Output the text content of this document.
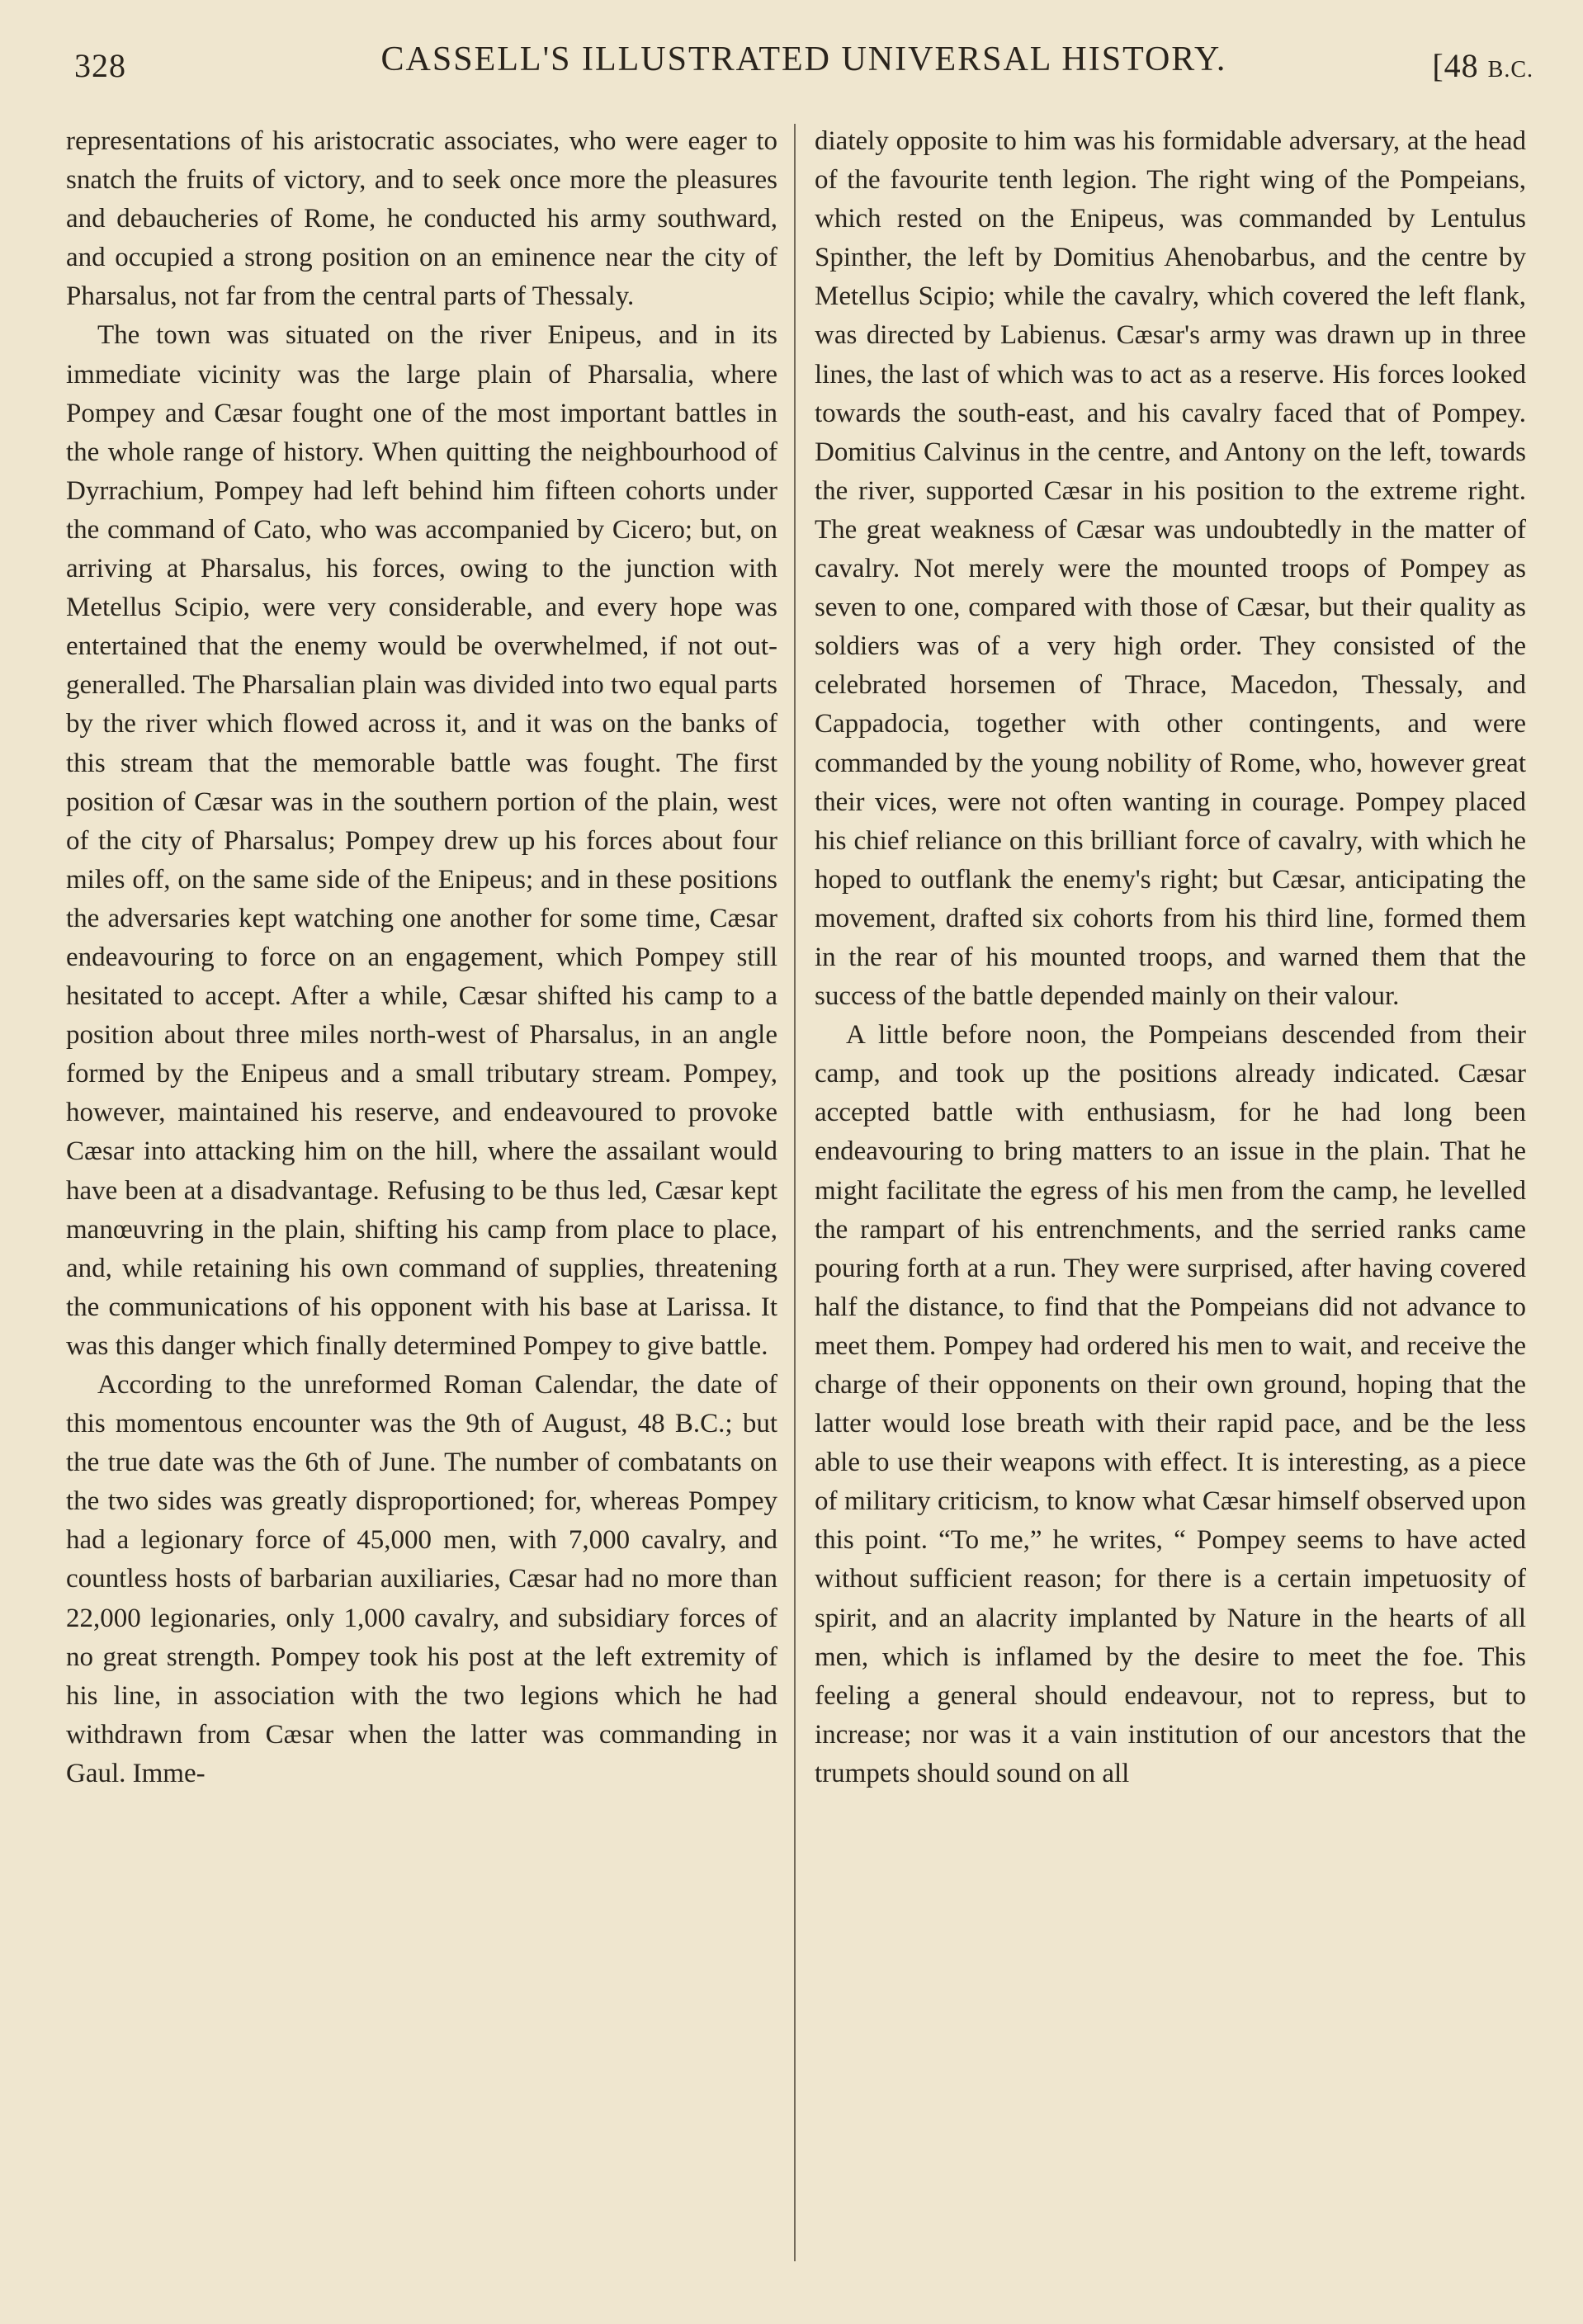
328	CASSELL'S ILLUSTRATED UNIVERSAL HISTORY.	[48 B.C.

representations of his aristocratic associates, who were eager to snatch the fruits of victory, and to seek once more the pleasures and debaucheries of Rome, he conducted his army southward, and occupied a strong position on an eminence near the city of Pharsalus, not far from the central parts of Thessaly.

The town was situated on the river Enipeus, and in its immediate vicinity was the large plain of Pharsalia, where Pompey and Cæsar fought one of the most important battles in the whole range of history. When quitting the neighbourhood of Dyrrachium, Pompey had left behind him fifteen cohorts under the command of Cato, who was accompanied by Cicero; but, on arriving at Pharsalus, his forces, owing to the junction with Metellus Scipio, were very considerable, and every hope was entertained that the enemy would be overwhelmed, if not out-generalled. The Pharsalian plain was divided into two equal parts by the river which flowed across it, and it was on the banks of this stream that the memorable battle was fought. The first position of Cæsar was in the southern portion of the plain, west of the city of Pharsalus; Pompey drew up his forces about four miles off, on the same side of the Enipeus; and in these positions the adversaries kept watching one another for some time, Cæsar endeavouring to force on an engagement, which Pompey still hesitated to accept. After a while, Cæsar shifted his camp to a position about three miles north-west of Pharsalus, in an angle formed by the Enipeus and a small tributary stream. Pompey, however, maintained his reserve, and endeavoured to provoke Cæsar into attacking him on the hill, where the assailant would have been at a disadvantage. Refusing to be thus led, Cæsar kept manœuvring in the plain, shifting his camp from place to place, and, while retaining his own command of supplies, threatening the communications of his opponent with his base at Larissa. It was this danger which finally determined Pompey to give battle.

According to the unreformed Roman Calendar, the date of this momentous encounter was the 9th of August, 48 B.C.; but the true date was the 6th of June. The number of combatants on the two sides was greatly disproportioned; for, whereas Pompey had a legionary force of 45,000 men, with 7,000 cavalry, and countless hosts of barbarian auxiliaries, Cæsar had no more than 22,000 legionaries, only 1,000 cavalry, and subsidiary forces of no great strength. Pompey took his post at the left extremity of his line, in association with the two legions which he had withdrawn from Cæsar when the latter was commanding in Gaul. Imme-

diately opposite to him was his formidable adversary, at the head of the favourite tenth legion. The right wing of the Pompeians, which rested on the Enipeus, was commanded by Lentulus Spinther, the left by Domitius Ahenobarbus, and the centre by Metellus Scipio; while the cavalry, which covered the left flank, was directed by Labienus. Cæsar's army was drawn up in three lines, the last of which was to act as a reserve. His forces looked towards the south-east, and his cavalry faced that of Pompey. Domitius Calvinus in the centre, and Antony on the left, towards the river, supported Cæsar in his position to the extreme right. The great weakness of Cæsar was undoubtedly in the matter of cavalry. Not merely were the mounted troops of Pompey as seven to one, compared with those of Cæsar, but their quality as soldiers was of a very high order. They consisted of the celebrated horsemen of Thrace, Macedon, Thessaly, and Cappadocia, together with other contingents, and were commanded by the young nobility of Rome, who, however great their vices, were not often wanting in courage. Pompey placed his chief reliance on this brilliant force of cavalry, with which he hoped to outflank the enemy's right; but Cæsar, anticipating the movement, drafted six cohorts from his third line, formed them in the rear of his mounted troops, and warned them that the success of the battle depended mainly on their valour.

A little before noon, the Pompeians descended from their camp, and took up the positions already indicated. Cæsar accepted battle with enthusiasm, for he had long been endeavouring to bring matters to an issue in the plain. That he might facilitate the egress of his men from the camp, he levelled the rampart of his entrenchments, and the serried ranks came pouring forth at a run. They were surprised, after having covered half the distance, to find that the Pompeians did not advance to meet them. Pompey had ordered his men to wait, and receive the charge of their opponents on their own ground, hoping that the latter would lose breath with their rapid pace, and be the less able to use their weapons with effect. It is interesting, as a piece of military criticism, to know what Cæsar himself observed upon this point. “To me,” he writes, “ Pompey seems to have acted without sufficient reason; for there is a certain impetuosity of spirit, and an alacrity implanted by Nature in the hearts of all men, which is inflamed by the desire to meet the foe. This feeling a general should endeavour, not to repress, but to increase; nor was it a vain institution of our ancestors that the trumpets should sound on all
